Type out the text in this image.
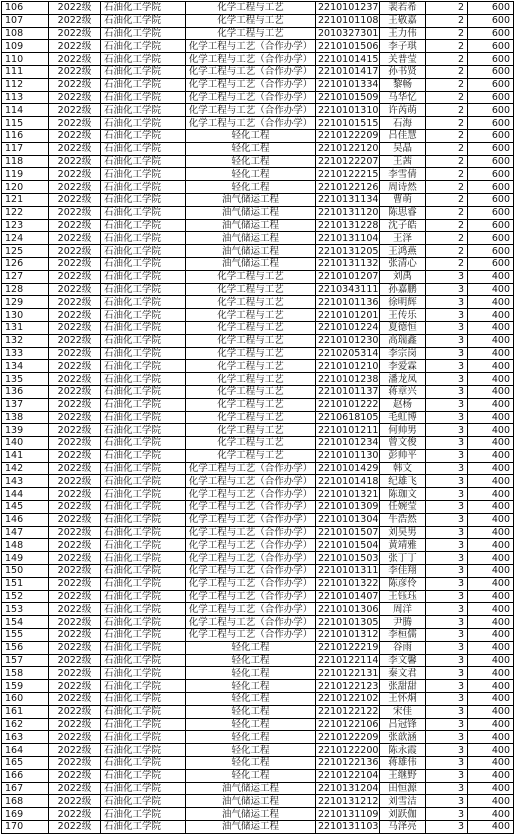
106	2022级	石油化工学院	化学工程与工艺	2210101237	裴若希	2	600
107	2022级	石油化工学院	化学工程与工艺	2210101108	王敬嘉	2	600
108	2022级	石油化工学院	化学工程与工艺	2010327301	王力伟	2	600
109	2022级	石油化工学院	化学工程与工艺（合作办学）	2210101506	李子琪	2	600
110	2022级	石油化工学院	化学工程与工艺（合作办学）	2210101415	关普莹	2	600
111	2022级	石油化工学院	化学工程与工艺（合作办学）	2210101417	孙书贤	2	600
112	2022级	石油化工学院	化学工程与工艺（合作办学）	2210101334	黎畅	2	600
113	2022级	石油化工学院	化学工程与工艺（合作办学）	2210101509	马华忆	2	600
114	2022级	石油化工学院	化学工程与工艺（合作办学）	2210101310	许芮萌	2	600
115	2022级	石油化工学院	化学工程与工艺（合作办学）	2210101515	石海	2	600
116	2022级	石油化工学院	轻化工程	2210122209	吕佳慧	2	600
117	2022级	石油化工学院	轻化工程	2210122120	吴晶	2	600
118	2022级	石油化工学院	轻化工程	2210122207	王茜	2	600
119	2022级	石油化工学院	轻化工程	2210122215	李雪倩	2	600
120	2022级	石油化工学院	轻化工程	2210122126	周诗然	2	600
121	2022级	石油化工学院	油气储运工程	2210131134	曹萌	2	600
122	2022级	石油化工学院	油气储运工程	2210131120	陈思睿	2	600
123	2022级	石油化工学院	油气储运工程	2210131228	沈子皓	2	600
124	2022级	石油化工学院	油气储运工程	2210131104	王泽	2	600
125	2022级	石油化工学院	油气储运工程	2210131205	王鸿燕	2	600
126	2022级	石油化工学院	油气储运工程	2210131132	张清心	2	600
127	2022级	石油化工学院	化学工程与工艺	2210101207	刘禹	3	400
128	2022级	石油化工学院	化学工程与工艺	2210343111	孙嘉鹏	3	400
129	2022级	石油化工学院	化学工程与工艺	2210101136	徐明辉	3	400
130	2022级	石油化工学院	化学工程与工艺	2210101201	王传乐	3	400
131	2022级	石油化工学院	化学工程与工艺	2210101224	夏德恒	3	400
132	2022级	石油化工学院	化学工程与工艺	2210101230	高瑞鑫	3	400
133	2022级	石油化工学院	化学工程与工艺	2210205314	李宗岗	3	400
134	2022级	石油化工学院	化学工程与工艺	2210101210	李爱霖	3	400
135	2022级	石油化工学院	化学工程与工艺	2210101238	潘龙凤	3	400
136	2022级	石油化工学院	化学工程与工艺	2210101137	蒋章兴	3	400
137	2022级	石油化工学院	化学工程与工艺	2210101222	赵杨	3	400
138	2022级	石油化工学院	化学工程与工艺	2210618105	毛虹博	3	400
139	2022级	石油化工学院	化学工程与工艺	2210101211	何帅男	3	400
140	2022级	石油化工学院	化学工程与工艺	2210101234	曾文俊	3	400
141	2022级	石油化工学院	化学工程与工艺	2210101130	彭帅平	3	400
142	2022级	石油化工学院	化学工程与工艺（合作办学）	2210101429	韩文	3	400
143	2022级	石油化工学院	化学工程与工艺（合作办学）	2210101418	纪雄飞	3	400
144	2022级	石油化工学院	化学工程与工艺（合作办学）	2210101321	陈珈文	3	400
145	2022级	石油化工学院	化学工程与工艺（合作办学）	2210101309	任婉莹	3	400
146	2022级	石油化工学院	化学工程与工艺（合作办学）	2210101304	牛浩然	3	400
147	2022级	石油化工学院	化学工程与工艺（合作办学）	2210101507	刘昊男	3	400
148	2022级	石油化工学院	化学工程与工艺（合作办学）	2210101504	黄靖雅	3	400
149	2022级	石油化工学院	化学工程与工艺（合作办学）	2210101503	张丁丁	3	400
150	2022级	石油化工学院	化学工程与工艺（合作办学）	2210101311	李佳翔	3	400
151	2022级	石油化工学院	化学工程与工艺（合作办学）	2210101322	陈彦伶	3	400
152	2022级	石油化工学院	化学工程与工艺（合作办学）	2210101407	王钰珏	3	400
153	2022级	石油化工学院	化学工程与工艺（合作办学）	2210101306	周洋	3	400
154	2022级	石油化工学院	化学工程与工艺（合作办学）	2210101305	尹腾	3	400
155	2022级	石油化工学院	化学工程与工艺（合作办学）	2210101312	李桓儒	3	400
156	2022级	石油化工学院	轻化工程	2210122219	谷雨	3	400
157	2022级	石油化工学院	轻化工程	2210122114	李文馨	3	400
158	2022级	石油化工学院	轻化工程	2210122131	秦文君	3	400
159	2022级	石油化工学院	轻化工程	2210122123	张甜甜	3	400
160	2022级	石油化工学院	轻化工程	2210122102	王怀烔	3	400
161	2022级	石油化工学院	轻化工程	2210122122	宋佳	3	400
162	2022级	石油化工学院	轻化工程	2210122106	吕冠锋	3	400
163	2022级	石油化工学院	轻化工程	2210122209	张歆涵	3	400
164	2022级	石油化工学院	轻化工程	2210122200	陈永霞	3	400
165	2022级	石油化工学院	轻化工程	2210122136	蒋雄伟	3	400
166	2022级	石油化工学院	轻化工程	2210122104	王继野	3	400
167	2022级	石油化工学院	油气储运工程	2210131204	田恒源	3	400
168	2022级	石油化工学院	油气储运工程	2210131212	刘雪洁	3	400
169	2022级	石油化工学院	油气储运工程	2210131109	刘跃伽	3	400
170	2022级	石油化工学院	油气储运工程	2210131103	马泽亮	3	400
